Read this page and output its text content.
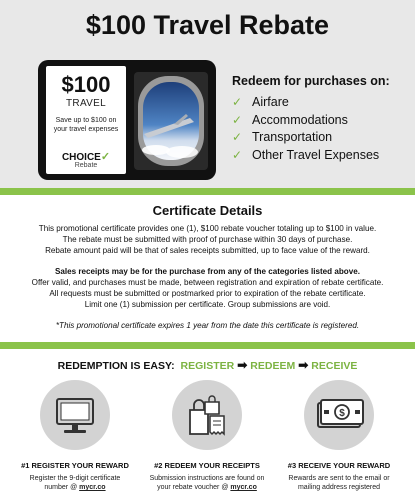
$100 Travel Rebate
$100
TRAVEL
Save up to $100 on your travel expenses
CHOICE✓
Rebate
Redeem for purchases on:
✓ Airfare
✓ Accommodations
✓ Transportation
✓ Other Travel Expenses
Certificate Details
This promotional certificate provides one (1), $100 rebate voucher totaling up to $100 in value.
The rebate must be submitted with proof of purchase within 30 days of purchase.
Rebate amount paid will be that of sales receipts submitted, up to face value of the reward.
Sales receipts may be for the purchase from any of the categories listed above.
Offer valid, and purchases must be made, between registration and expiration of rebate certificate.
All requests must be submitted or postmarked prior to expiration of the rebate certificate.
Limit one (1) submission per certificate. Group submissions are void.
*This promotional certificate expires 1 year from the date this certificate is registered.
REDEMPTION IS EASY: REGISTER ➡ REDEEM ➡ RECEIVE
#1 REGISTER YOUR REWARD
Register the 9-digit certificate
number @ mycr.co
#2 REDEEM YOUR RECEIPTS
Submission instructions are found on
your rebate voucher @ mycr.co
$
#3 RECEIVE YOUR REWARD
Rewards are sent to the email or
mailing address registered
